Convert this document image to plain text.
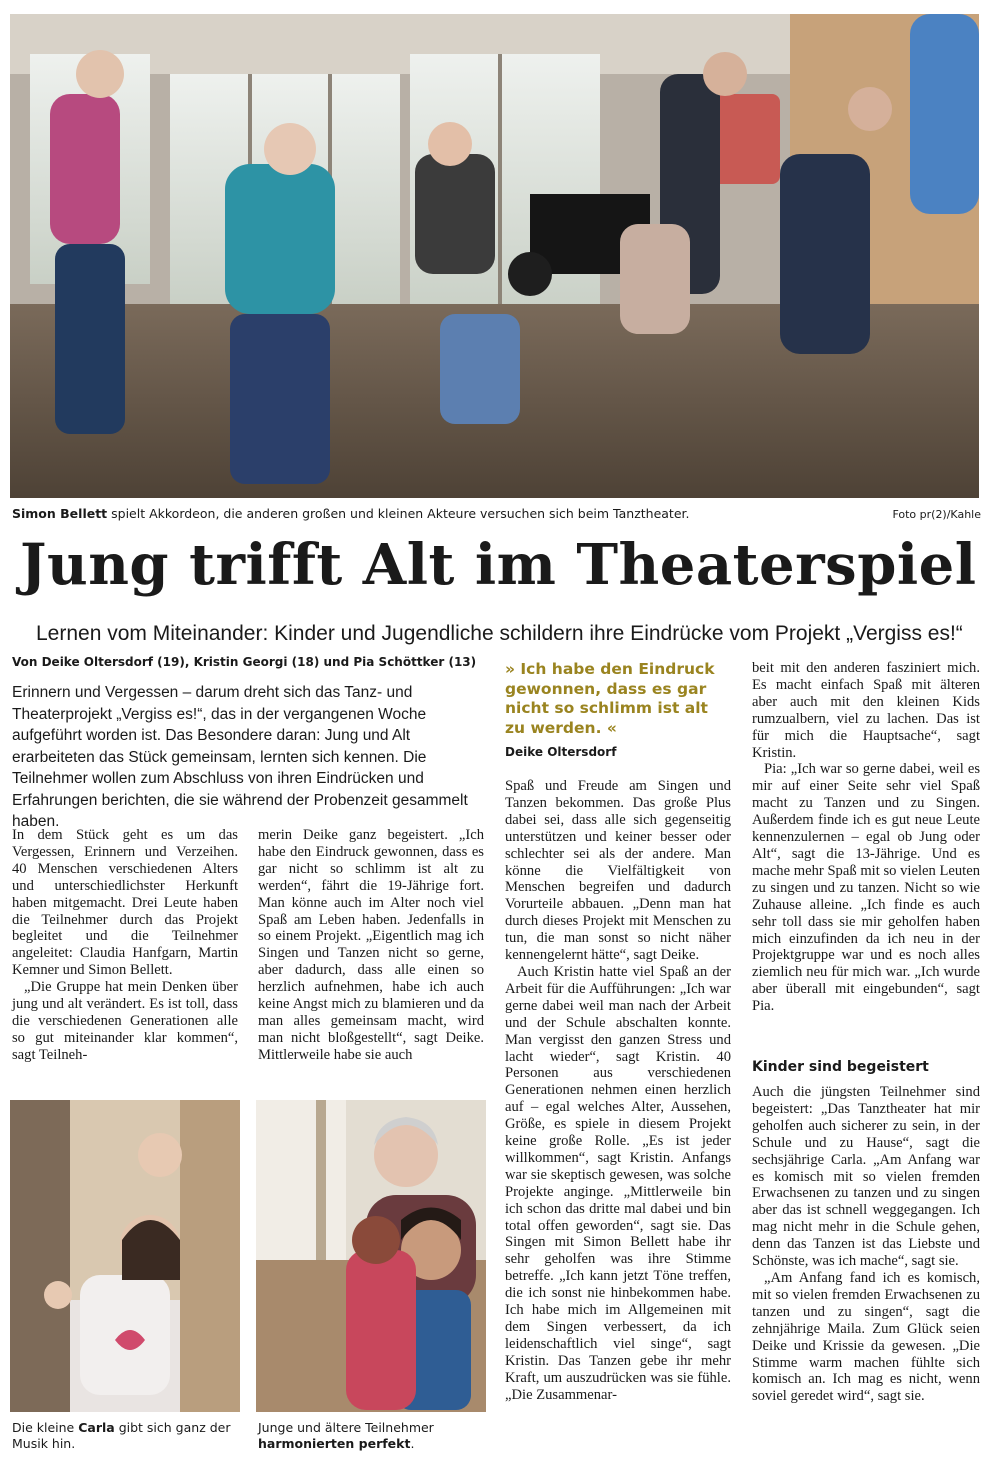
Simon Bellett spielt Akkordeon, die anderen großen und kleinen Akteure versuchen sich beim Tanztheater.	Foto pr(2)/Kahle
Jung trifft Alt im Theaterspiel
Lernen vom Miteinander: Kinder und Jugendliche schildern ihre Eindrücke vom Projekt „Vergiss es!“
Von Deike Oltersdorf (19), Kristin Georgi (18) und Pia Schöttker (13)
Erinnern und Vergessen – darum dreht sich das Tanz- und Theaterprojekt „Vergiss es!“, das in der vergangenen Woche aufgeführt worden ist. Das Besondere daran: Jung und Alt erarbeiteten das Stück gemeinsam, lernten sich kennen. Die Teilnehmer wollen zum Abschluss von ihren Eindrücken und Erfahrungen berichten, die sie während der Probenzeit gesammelt haben.

In dem Stück geht es um das Vergessen, Erinnern und Verzeihen. 40 Menschen verschiedenen Alters und unterschiedlichster Herkunft haben mitgemacht. Drei Leute haben die Teilnehmer durch das Projekt begleitet und die Teilnehmer angeleitet: Claudia Hanfgarn, Martin Kemner und Simon Bellett.

„Die Gruppe hat mein Denken über jung und alt verändert. Es ist toll, dass die verschiedenen Generationen alle so gut miteinander klar kommen“, sagt Teilneh-

merin Deike ganz begeistert. „Ich habe den Eindruck gewonnen, dass es gar nicht so schlimm ist alt zu werden“, fährt die 19-Jährige fort. Man könne auch im Alter noch viel Spaß am Leben haben. Jedenfalls in so einem Projekt. „Eigentlich mag ich Singen und Tanzen nicht so gerne, aber dadurch, dass alle einen so herzlich aufnehmen, habe ich auch keine Angst mich zu blamieren und da man alles gemeinsam macht, wird man nicht bloßgestellt“, sagt Deike. Mittlerweile habe sie auch

Die kleine Carla gibt sich ganz der Musik hin.
Junge und ältere Teilnehmer harmonierten perfekt.
» Ich habe den Eindruck gewonnen, dass es gar nicht so schlimm ist alt zu werden. «
Deike Oltersdorf

Spaß und Freude am Singen und Tanzen bekommen. Das große Plus dabei sei, dass alle sich gegenseitig unterstützen und keiner besser oder schlechter sei als der andere. Man könne die Vielfältigkeit von Menschen begreifen und dadurch Vorurteile abbauen. „Denn man hat durch dieses Projekt mit Menschen zu tun, die man sonst so nicht näher kennengelernt hätte“, sagt Deike.

Auch Kristin hatte viel Spaß an der Arbeit für die Aufführungen: „Ich war gerne dabei weil man nach der Arbeit und der Schule abschalten konnte. Man vergisst den ganzen Stress und lacht wieder“, sagt Kristin. 40 Personen aus verschiedenen Generationen nehmen einen herzlich auf – egal welches Alter, Aussehen, Größe, es spiele in diesem Projekt keine große Rolle. „Es ist jeder willkommen“, sagt Kristin. Anfangs war sie skeptisch gewesen, was solche Projekte anginge. „Mittlerweile bin ich schon das dritte mal dabei und bin total offen geworden“, sagt sie. Das Singen mit Simon Bellett habe ihr sehr geholfen was ihre Stimme betreffe. „Ich kann jetzt Töne treffen, die ich sonst nie hinbekommen habe. Ich habe mich im Allgemeinen mit dem Singen verbessert, da ich leidenschaftlich viel singe“, sagt Kristin. Das Tanzen gebe ihr mehr Kraft, um auszudrücken was sie fühle. „Die Zusammenar-

beit mit den anderen fasziniert mich. Es macht einfach Spaß mit älteren aber auch mit den kleinen Kids rumzualbern, viel zu lachen. Das ist für mich die Hauptsache“, sagt Kristin.

Pia: „Ich war so gerne dabei, weil es mir auf einer Seite sehr viel Spaß macht zu Tanzen und zu Singen. Außerdem finde ich es gut neue Leute kennenzulernen – egal ob Jung oder Alt“, sagt die 13-Jährige. Und es mache mehr Spaß mit so vielen Leuten zu singen und zu tanzen. Nicht so wie Zuhause alleine. „Ich finde es auch sehr toll dass sie mir geholfen haben mich einzufinden da ich neu in der Projektgruppe war und es noch alles ziemlich neu für mich war. „Ich wurde aber überall mit eingebunden“, sagt Pia.

Kinder sind begeistert

Auch die jüngsten Teilnehmer sind begeistert: „Das Tanztheater hat mir geholfen auch sicherer zu sein, in der Schule und zu Hause“, sagt die sechsjährige Carla. „Am Anfang war es komisch mit so vielen fremden Erwachsenen zu tanzen und zu singen aber das ist schnell weggegangen. Ich mag nicht mehr in die Schule gehen, denn das Tanzen ist das Liebste und Schönste, was ich mache“, sagt sie.

„Am Anfang fand ich es komisch, mit so vielen fremden Erwachsenen zu tanzen und zu singen“, sagt die zehnjährige Maila. Zum Glück seien Deike und Krissie da gewesen. „Die Stimme warm machen fühlte sich komisch an. Ich mag es nicht, wenn soviel geredet wird“, sagt sie.
